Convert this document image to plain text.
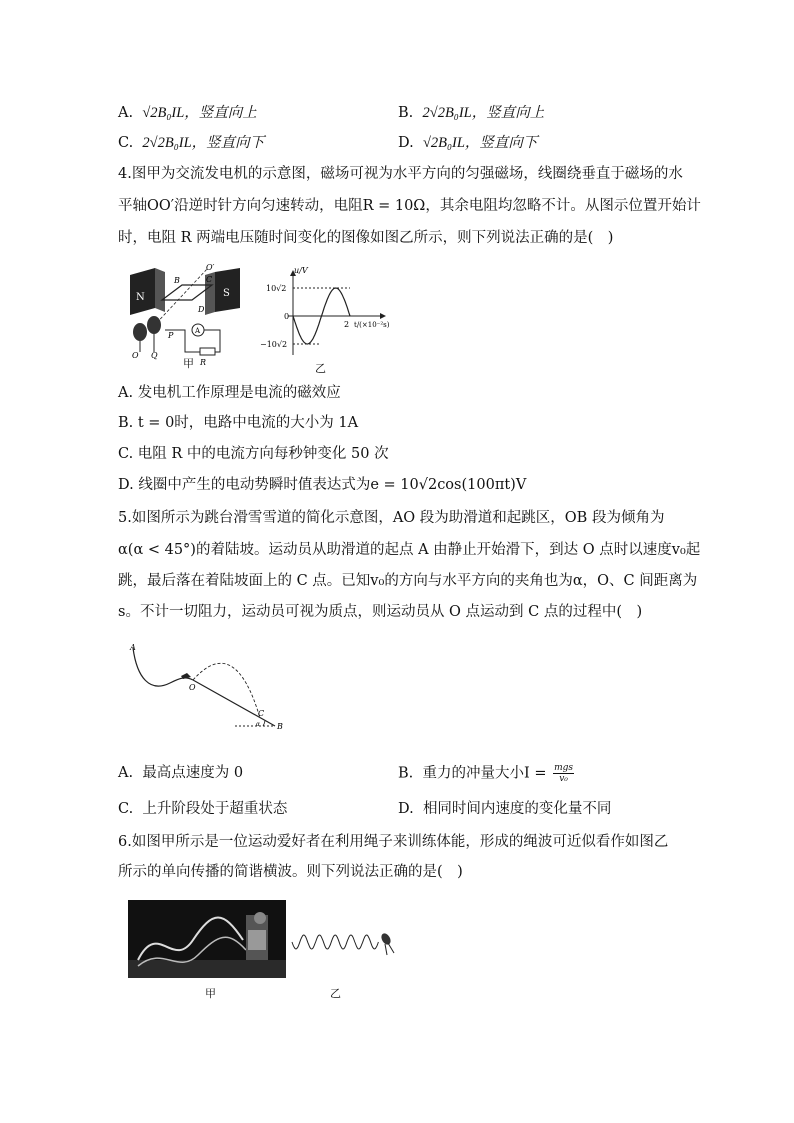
A. √2B₀IL，竖直向上	B. 2√2B₀IL，竖直向上
C. 2√2B₀IL，竖直向下	D. √2B₀IL，竖直向下
4.图甲为交流发电机的示意图，磁场可视为水平方向的匀强磁场，线圈绕垂直于磁场的水
平轴OO′沿逆时针方向匀速转动，电阻R = 10Ω，其余电阻均忽略不计。从图示位置开始计
时，电阻 R 两端电压随时间变化的图像如图乙所示，则下列说法正确的是(　)
N	S
B	C
D
O′
P
Q
O
A
R
甲
u/V
10√2
0
−10√2
2 t/(×10⁻²s)
乙
A. 发电机工作原理是电流的磁效应
B. t = 0时，电路中电流的大小为 1A
C. 电阻 R 中的电流方向每秒钟变化 50 次
D. 线圈中产生的电动势瞬时值表达式为e = 10√2cos(100πt)V
5.如图所示为跳台滑雪雪道的简化示意图，AO 段为助滑道和起跳区，OB 段为倾角为
α(α < 45°)的着陆坡。运动员从助滑道的起点 A 由静止开始滑下，到达 O 点时以速度v₀起
跳，最后落在着陆坡面上的 C 点。已知v₀的方向与水平方向的夹角也为α，O、C 间距离为
s。不计一切阻力，运动员可视为质点，则运动员从 O 点运动到 C 点的过程中(　)
A
O
C
B
α
A. 最高点速度为 0	B. 重力的冲量大小I = mgs
v₀
C. 上升阶段处于超重状态	D. 相同时间内速度的变化量不同
6.如图甲所示是一位运动爱好者在利用绳子来训练体能，形成的绳波可近似看作如图乙
所示的单向传播的简谐横波。则下列说法正确的是(　)
甲	乙
